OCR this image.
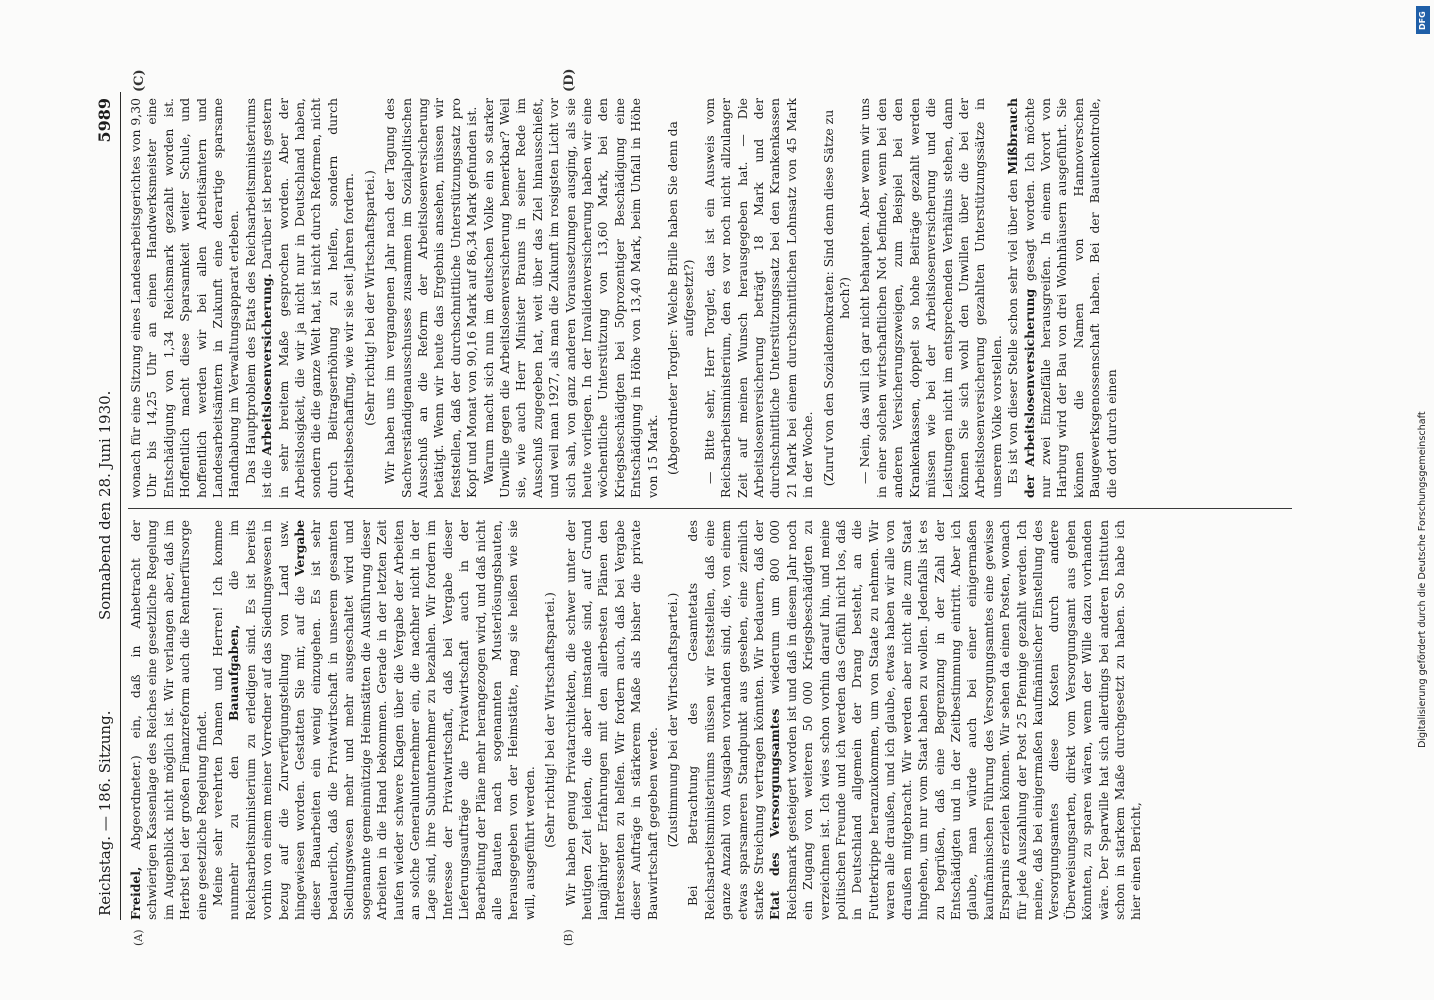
Reichstag. — 186. Sitzung.
Sonnabend den 28. Juni 1930.
5989
(A)	(B)
(C)	(D)

Freidel, Abgeordneter.) ein, daß in Anbetracht der schwierigen Kassenlage des Reiches eine gesetzliche Regelung im Augenblick nicht möglich ist. Wir verlangen aber, daß im Herbst bei der großen Finanzreform auch die Rentnerfürsorge eine gesetzliche Regelung findet. Meine sehr verehrten Damen und Herren! Ich komme nunmehr zu den Bauaufgaben, die im Reichsarbeitsministerium zu erledigen sind. Es ist bereits vorhin von einem meiner Vorredner auf das Siedlungswesen in bezug auf die Zurverfügungstellung von Land usw. hingewiesen worden. Gestatten Sie mir, auf die Vergabe dieser Bauarbeiten ein wenig einzugehen. Es ist sehr bedauerlich, daß die Privatwirtschaft in unserem gesamten Siedlungswesen mehr und mehr ausgeschaltet wird und sogenannte gemeinnützige Heimstätten die Ausführung dieser Arbeiten in die Hand bekommen. Gerade in der letzten Zeit laufen wieder schwere Klagen über die Vergabe der Arbeiten an solche Generalunternehmer ein, die nachher nicht in der Lage sind, ihre Subunternehmer zu bezahlen. Wir fordern im Interesse der Privatwirtschaft, daß bei Vergabe dieser Lieferungsaufträge die Privatwirtschaft auch in der Bearbeitung der Pläne mehr herangezogen wird, und daß nicht alle Bauten nach sogenannten Musterlösungsbauten, herausgegeben von der Heimstätte, mag sie heißen wie sie will, ausgeführt werden. (Sehr richtig! bei der Wirtschaftspartei.) Wir haben genug Privatarchitekten, die schwer unter der heutigen Zeit leiden, die aber imstande sind, auf Grund langjähriger Erfahrungen mit den allerbesten Plänen den Interessenten zu helfen. Wir fordern auch, daß bei Vergabe dieser Aufträge in stärkerem Maße als bisher die private Bauwirtschaft gegeben werde. (Zustimmung bei der Wirtschaftspartei.) Bei Betrachtung des Gesamtetats des Reichsarbeitsministeriums müssen wir feststellen, daß eine ganze Anzahl von Ausgaben vorhanden sind, die, von einem etwas sparsameren Standpunkt aus gesehen, eine ziemlich starke Streichung vertragen könnten. Wir bedauern, daß der Etat des Versorgungsamtes wiederum um 800 000 Reichsmark gesteigert worden ist und daß in diesem Jahr noch ein Zugang von weiteren 50 000 Kriegsbeschädigten zu verzeichnen ist. Ich wies schon vorhin darauf hin, und meine politischen Freunde und ich werden das Gefühl nicht los, daß in Deutschland allgemein der Drang besteht, an die Futterkrippe heranzukommen, um von Staate zu nehmen. Wir waren alle draußen, und ich glaube, etwas haben wir alle von draußen mitgebracht. Wir werden aber nicht alle zum Staat hingehen, um nur vom Staat haben zu wollen. Jedenfalls ist es zu begrüßen, daß eine Begrenzung in der Zahl der Entschädigten und in der Zeitbestimmung eintritt. Aber ich glaube, man würde auch bei einer einigermaßen kaufmännischen Führung des Versorgungsamtes eine gewisse Ersparnis erzielen können. Wir sehen da einen Posten, wonach für jede Auszahlung der Post 25 Pfennige gezahlt werden. Ich meine, daß bei einigermaßen kaufmännischer Einstellung des Versorgungsamtes diese Kosten durch andere Überweisungsarten, direkt vom Versorgungsamt aus gehen könnten, zu sparen wären, wenn der Wille dazu vorhanden wäre. Der Sparwille hat sich allerdings bei anderen Instituten schon in starkem Maße durchgesetzt zu haben. So habe ich hier einen Bericht,

wonach für eine Sitzung eines Landesarbeitsgerichtes von 9,30 Uhr bis 14,25 Uhr an einen Handwerksmeister eine Entschädigung von 1,34 Reichsmark gezahlt worden ist. Hoffentlich macht diese Sparsamkeit weiter Schule, und hoffentlich werden wir bei allen Arbeitsämtern und Landesarbeitsämtern in Zukunft eine derartige sparsame Handhabung im Verwaltungsapparat erleben. Das Hauptproblem des Etats des Reichsarbeitsministeriums ist die Arbeitslosenversicherung. Darüber ist bereits gestern in sehr breitem Maße gesprochen worden. Aber der Arbeitslosigkeit, die wir ja nicht nur in Deutschland haben, sondern die die ganze Welt hat, ist nicht durch Reformen, nicht durch Beitragserhöhung zu helfen, sondern durch Arbeitsbeschaffung, wie wir sie seit Jahren fordern. (Sehr richtig! bei der Wirtschaftspartei.) Wir haben uns im vergangenen Jahr nach der Tagung des Sachverständigenausschusses zusammen im Sozialpolitischen Ausschuß an die Reform der Arbeitslosenversicherung betätigt. Wenn wir heute das Ergebnis ansehen, müssen wir feststellen, daß der durchschnittliche Unterstützungssatz pro Kopf und Monat von 90,16 Mark auf 86,34 Mark gefunden ist. Warum macht sich nun im deutschen Volke ein so starker Unwille gegen die Arbeitslosenversicherung bemerkbar? Weil sie, wie auch Herr Minister Brauns in seiner Rede im Ausschuß zugegeben hat, weit über das Ziel hinausschießt, und weil man 1927, als man die Zukunft im rosigsten Licht vor sich sah, von ganz anderen Voraussetzungen ausging, als sie heute vorliegen. In der Invalidenversicherung haben wir eine wöchentliche Unterstützung von 13,60 Mark, bei den Kriegsbeschädigten bei 50prozentiger Beschädigung eine Entschädigung in Höhe von 13,40 Mark, beim Unfall in Höhe von 15 Mark. (Abgeordneter Torgler: Welche Brille haben Sie denn da aufgesetzt?) — Bitte sehr, Herr Torgler, das ist ein Ausweis vom Reichsarbeitsministerium, den es vor noch nicht allzulanger Zeit auf meinen Wunsch herausgegeben hat. — Die Arbeitslosenversicherung beträgt 18 Mark und der durchschnittliche Unterstützungssatz bei den Krankenkassen 21 Mark bei einem durchschnittlichen Lohnsatz von 45 Mark in der Woche. (Zuruf von den Sozialdemokraten: Sind denn diese Sätze zu hoch?) — Nein, das will ich gar nicht behaupten. Aber wenn wir uns in einer solchen wirtschaftlichen Not befinden, wenn bei den anderen Versicherungszweigen, zum Beispiel bei den Krankenkassen, doppelt so hohe Beiträge gezahlt werden müssen wie bei der Arbeitslosenversicherung und die Leistungen nicht im entsprechenden Verhältnis stehen, dann können Sie sich wohl den Unwillen über die bei der Arbeitslosenversicherung gezahlten Unterstützungssätze in unserem Volke vorstellen. Es ist von dieser Stelle schon sehr viel über den Mißbrauch der Arbeitslosenversicherung gesagt worden. Ich möchte nur zwei Einzelfälle herausgreifen. In einem Vorort von Harburg wird der Bau von drei Wohnhäusern ausgeführt. Sie können die Namen von Hannoverschen Baugewerksgenossenschaft haben. Bei der Bautenkontrolle, die dort durch einen

DFG
Digitalisierung gefördert durch die Deutsche Forschungsgemeinschaft
